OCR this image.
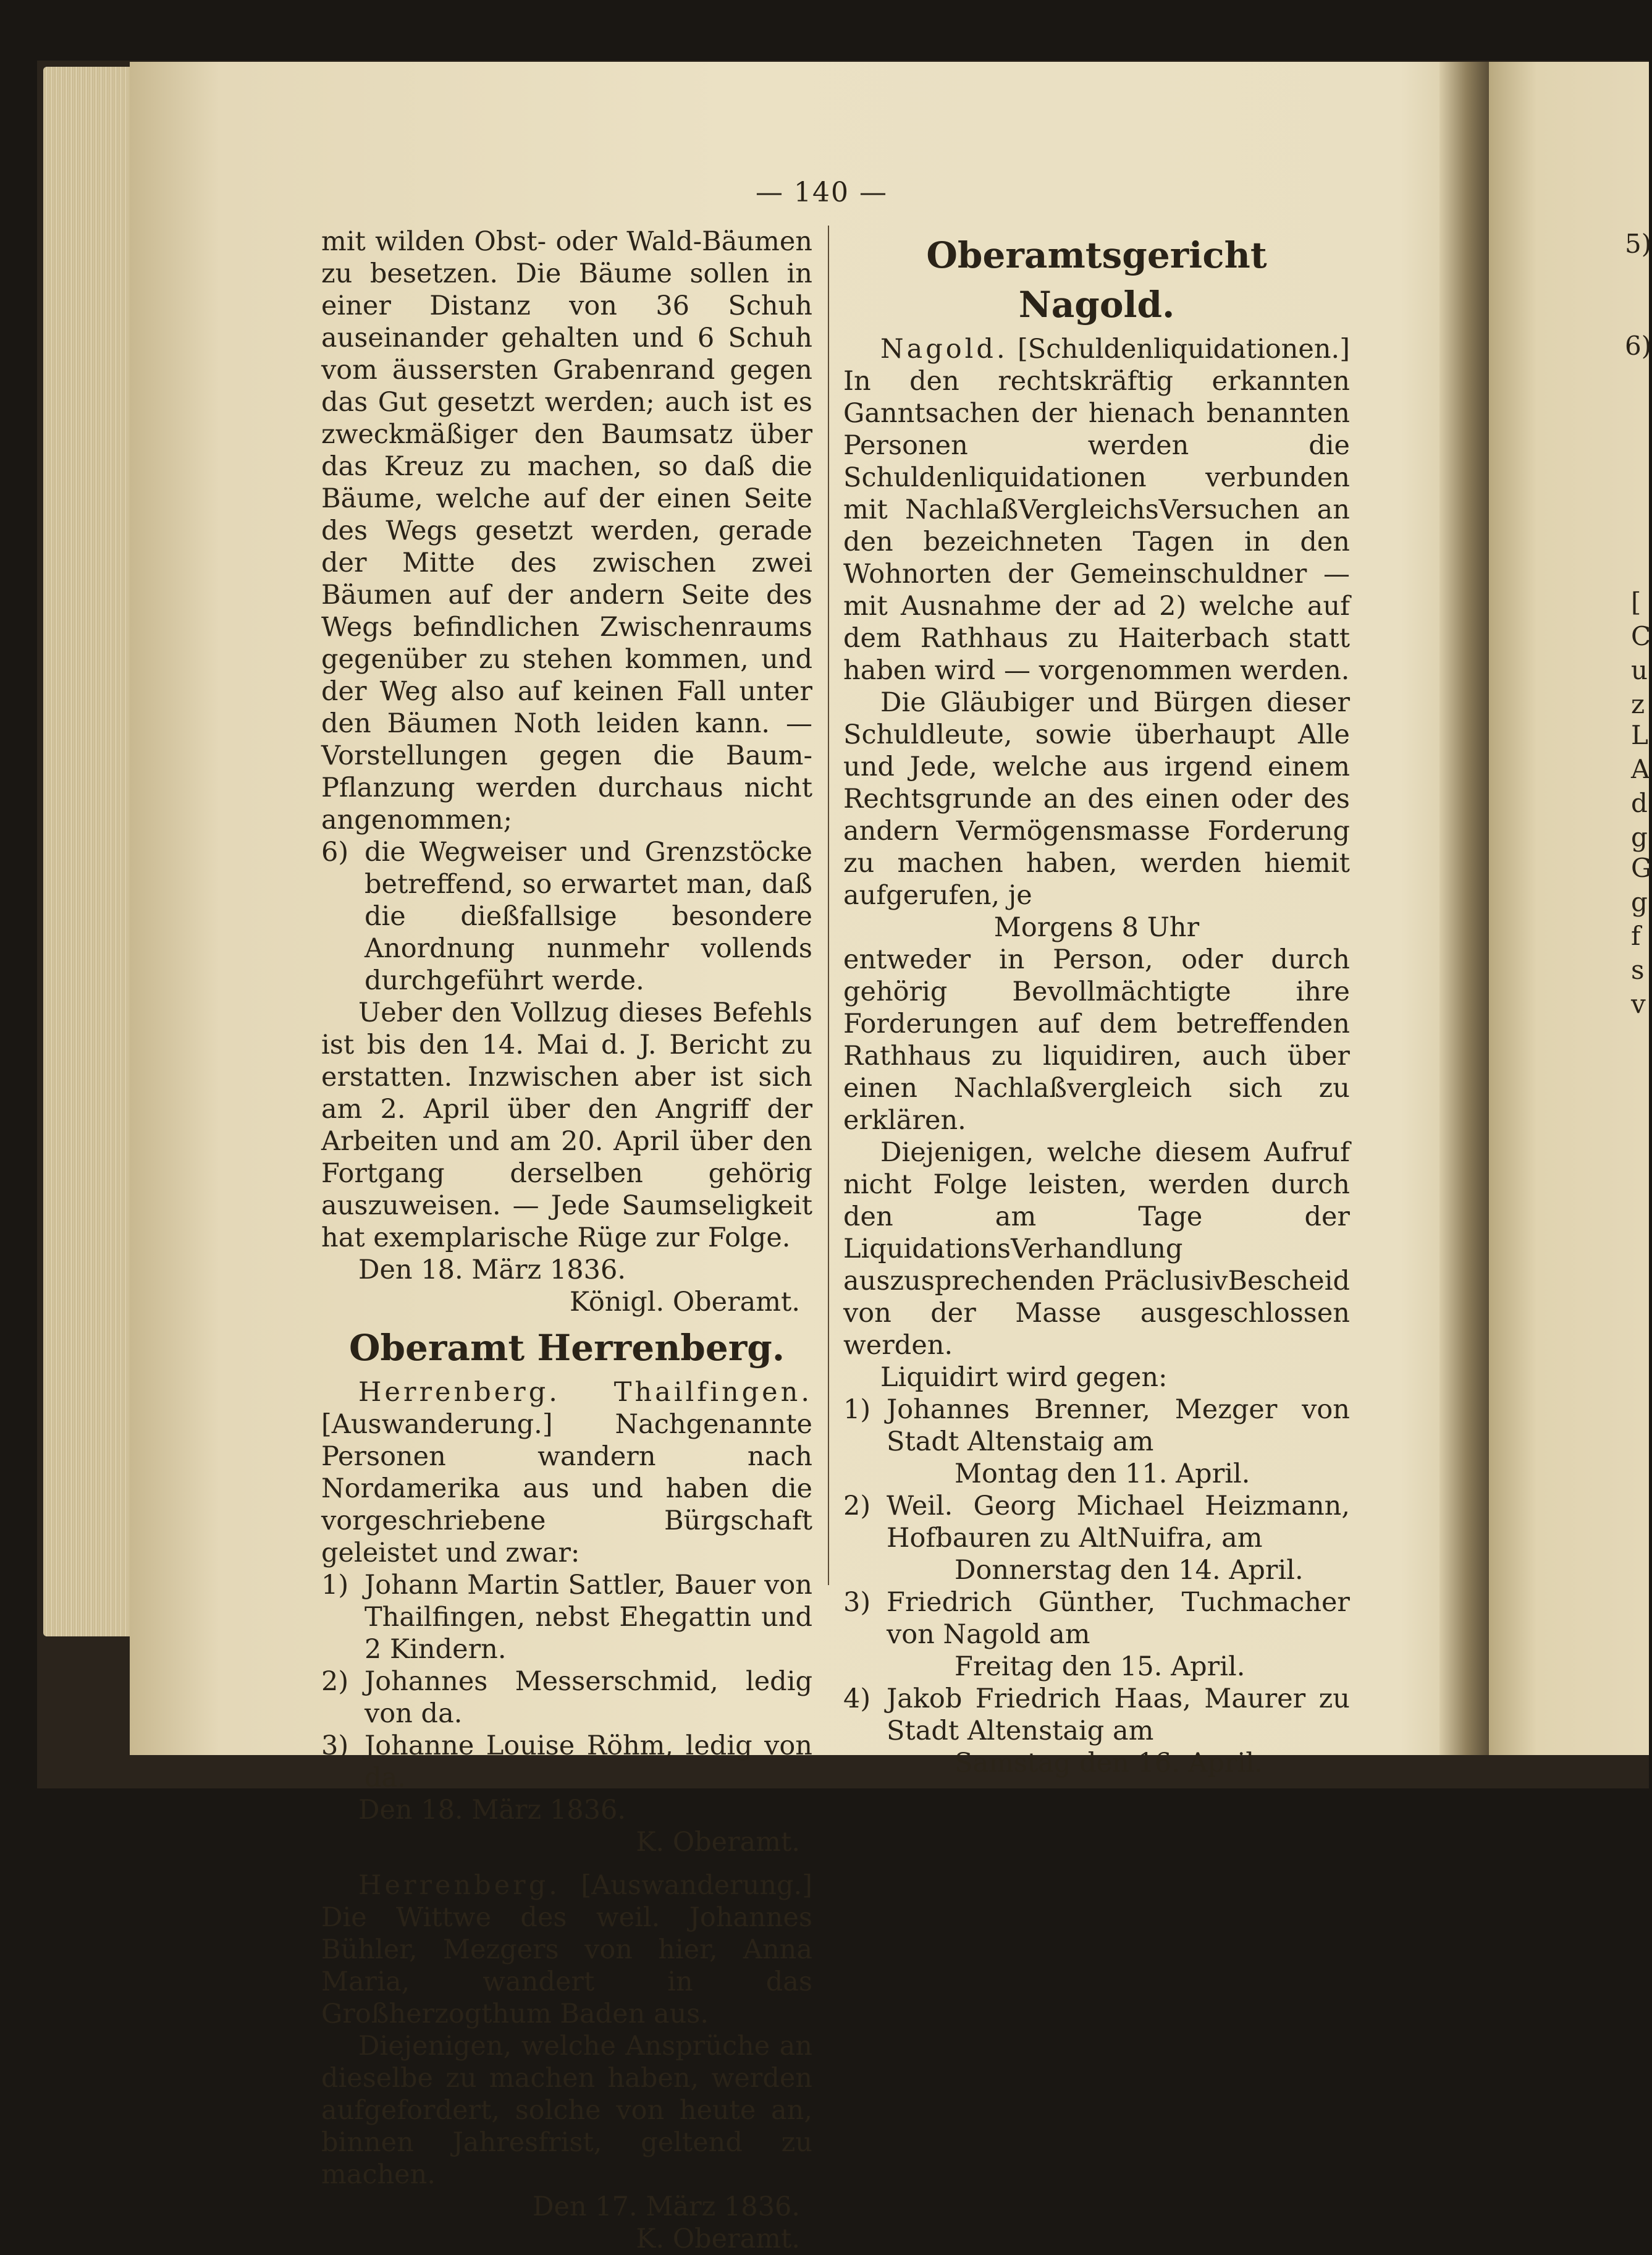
— 140 —

mit wilden Obst- oder Wald-Bäumen zu besetzen. Die Bäume sollen in einer Distanz von 36 Schuh auseinander gehalten und 6 Schuh vom äussersten Grabenrand gegen das Gut gesetzt werden; auch ist es zweckmäßiger den Baumsatz über das Kreuz zu machen, so daß die Bäume, welche auf der einen Seite des Wegs gesetzt werden, gerade der Mitte des zwischen zwei Bäumen auf der andern Seite des Wegs befindlichen Zwischenraums gegenüber zu stehen kommen, und der Weg also auf keinen Fall unter den Bäumen Noth leiden kann. — Vorstellungen gegen die Baum-Pflanzung werden durchaus nicht angenommen;

6) die Wegweiser und Grenzstöcke betreffend, so erwartet man, daß die dießfallsige besondere Anordnung nunmehr vollends durchgeführt werde.

Ueber den Vollzug dieses Befehls ist bis den 14. Mai d. J. Bericht zu erstatten. Inzwischen aber ist sich am 2. April über den Angriff der Arbeiten und am 20. April über den Fortgang derselben gehörig auszuweisen. — Jede Saumseligkeit hat exemplarische Rüge zur Folge.

Den 18. März 1836.

Königl. Oberamt.

Oberamt Herrenberg.

Herrenberg. Thailfingen. [Auswanderung.] Nachgenannte Personen wandern nach Nordamerika aus und haben die vorgeschriebene Bürgschaft geleistet und zwar:

1) Johann Martin Sattler, Bauer von Thailfingen, nebst Ehegattin und 2 Kindern.
2) Johannes Messerschmid, ledig von da.
3) Johanne Louise Röhm, ledig von da.

Den 18. März 1836.

K. Oberamt.

Herrenberg. [Auswanderung.] Die Wittwe des weil. Johannes Bühler, Mezgers von hier, Anna Maria, wandert in das Großherzogthum Baden aus.

Diejenigen, welche Ansprüche an dieselbe zu machen haben, werden aufgefordert, solche von heute an, binnen Jahresfrist, geltend zu machen.

Den 17. März 1836.

K. Oberamt.

Oberamtsgericht Nagold.

Nagold. [Schuldenliquidationen.] In den rechtskräftig erkannten Ganntsachen der hienach benannten Personen werden die Schuldenliquidationen verbunden mit NachlaßVergleichsVersuchen an den bezeichneten Tagen in den Wohnorten der Gemeinschuldner — mit Ausnahme der ad 2) welche auf dem Rathhaus zu Haiterbach statt haben wird — vorgenommen werden.

Die Gläubiger und Bürgen dieser Schuldleute, sowie überhaupt Alle und Jede, welche aus irgend einem Rechtsgrunde an des einen oder des andern Vermögensmasse Forderung zu machen haben, werden hiemit aufgerufen, je

Morgens 8 Uhr

entweder in Person, oder durch gehörig Bevollmächtigte ihre Forderungen auf dem betreffenden Rathhaus zu liquidiren, auch über einen Nachlaßvergleich sich zu erklären.

Diejenigen, welche diesem Aufruf nicht Folge leisten, werden durch den am Tage der LiquidationsVerhandlung auszusprechenden PräclusivBescheid von der Masse ausgeschlossen werden.

Liquidirt wird gegen:

1) Johannes Brenner, Mezger von Stadt Altenstaig am

Montag den 11. April.

2) Weil. Georg Michael Heizmann, Hofbauren zu AltNuifra, am

Donnerstag den 14. April.

3) Friedrich Günther, Tuchmacher von Nagold am

Freitag den 15. April.

4) Jakob Friedrich Haas, Maurer zu Stadt Altenstaig am

Samstag den 16. April.

5)
6)
[
C
u
z
L
A
d
g
G
g
f
s
v
